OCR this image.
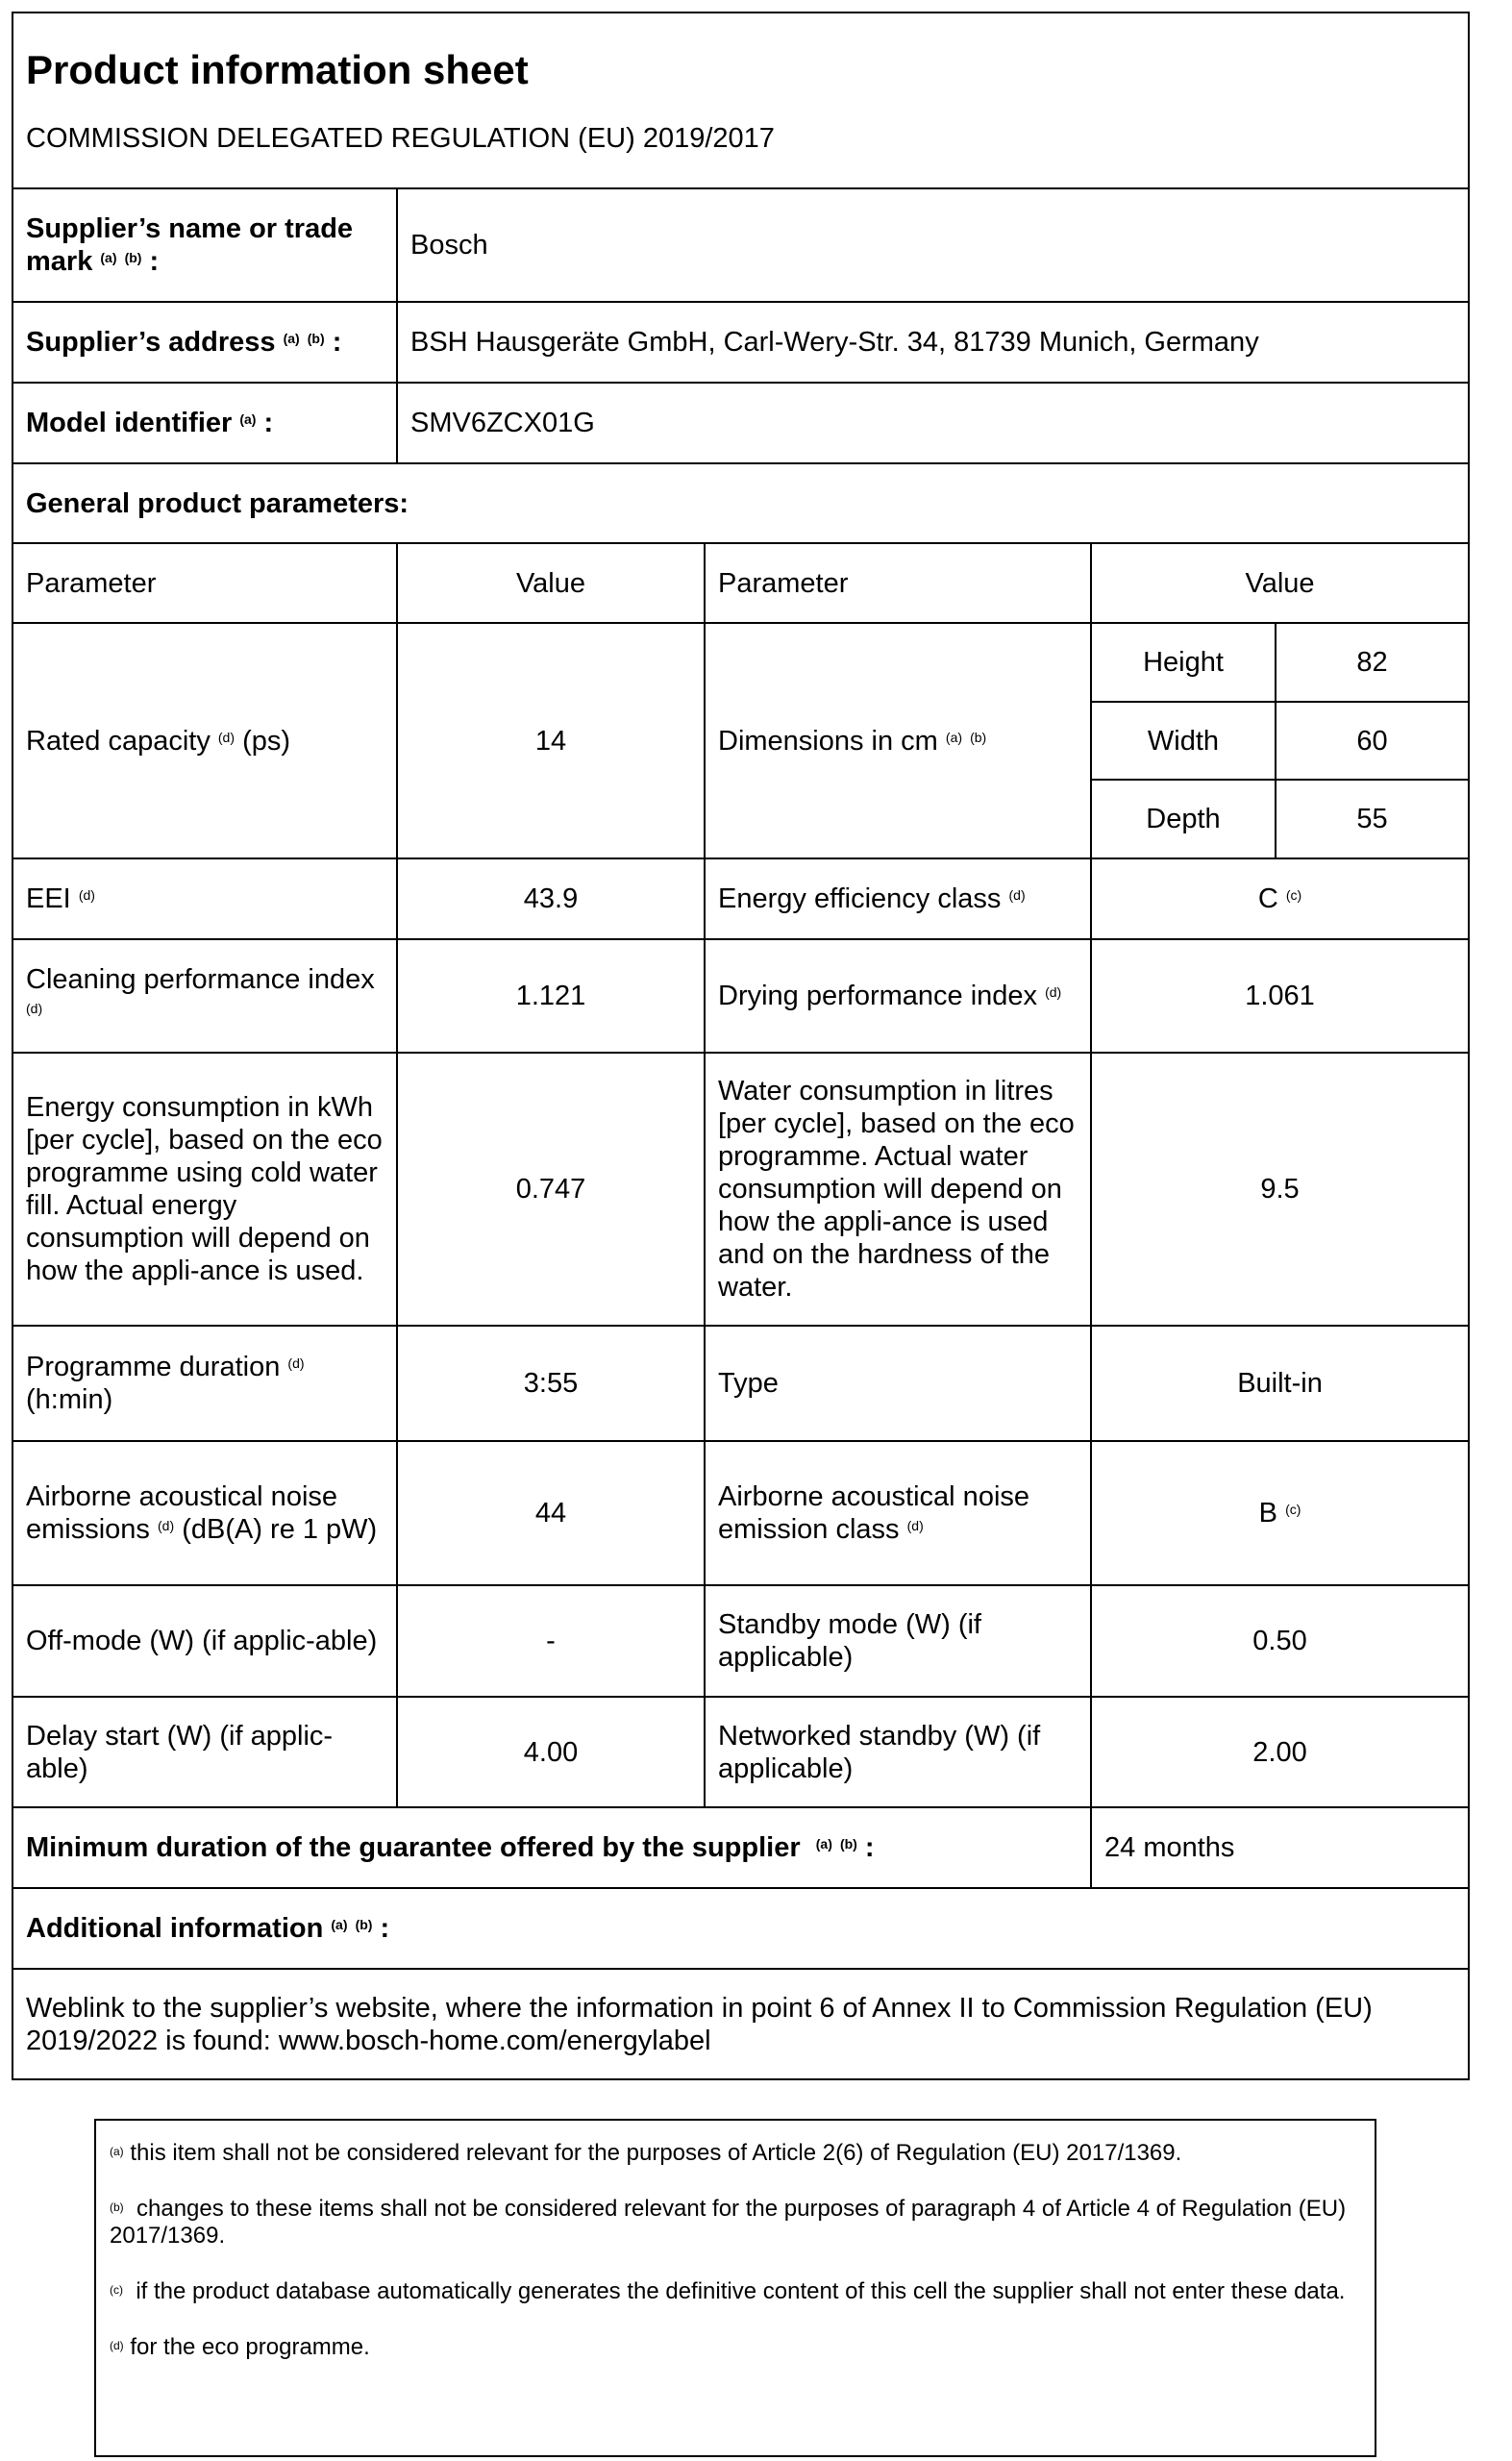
Product information sheet
COMMISSION DELEGATED REGULATION (EU) 2019/2017				

Supplier’s name or trade mark $^{(a)}$ $^{(b)}$ :	Bosch			
Supplier’s address $^{(a)}$ $^{(b)}$ :	BSH Hausgeräte GmbH, Carl-Wery-Str. 34, 81739 Munich, Germany			
Model identifier $^{(a)}$ :	SMV6ZCX01G			
General product parameters:				
Parameter	Value	Parameter	Value	
Rated capacity $^{(d)}$ (ps)	14	Dimensions in cm $^{(a)}$ $^{(b)}$	Height	82
			Width	60
			Depth	55
EEI $^{(d)}$	43.9	Energy efficiency class $^{(d)}$	C $^{(c)}$
Cleaning performance index $^{(d)}$	1.121	Drying performance index $^{(d)}$	1.061	
Energy consumption in kWh [per cycle], based on the eco programme using cold water fill. Actual energy consumption will depend on how the appli-ance is used.	0.747	Water consumption in litres [per cycle], based on the eco programme. Actual water consumption will depend on how the appli-ance is used and on the hardness of the water.	9.5	
Programme duration $^{(d)}$ (h:min)	3:55	Type	Built-in	
Airborne acoustical noise emissions $^{(d)}$ (dB(A) re 1 pW)	44	Airborne acoustical noise emission class $^{(d)}$	B $^{(c)}$
Off-mode (W) (if applic-able)	-	Standby mode (W) (if applicable)	0.50	
Delay start (W) (if applic-able)	4.00	Networked standby (W) (if applicable)	2.00	
Minimum duration of the guarantee offered by the supplier $^{(a)}$ $^{(b)}$ :			24 months	
Additional information $^{(a)}$ $^{(b)}$ :				
Weblink to the supplier’s website, where the information in point 6 of Annex II to Commission Regulation (EU) 2019/2022 is found: www.bosch-home.com/energylabel				
$^{(a)}$ this item shall not be considered relevant for the purposes of Article 2(6) of Regulation (EU) 2017/1369.
$^{(b)}$ changes to these items shall not be considered relevant for the purposes of paragraph 4 of Article 4 of Regulation (EU) 2017/1369.
$^{(c)}$ if the product database automatically generates the definitive content of this cell the supplier shall not enter these data.
$^{(d)}$ for the eco programme.
